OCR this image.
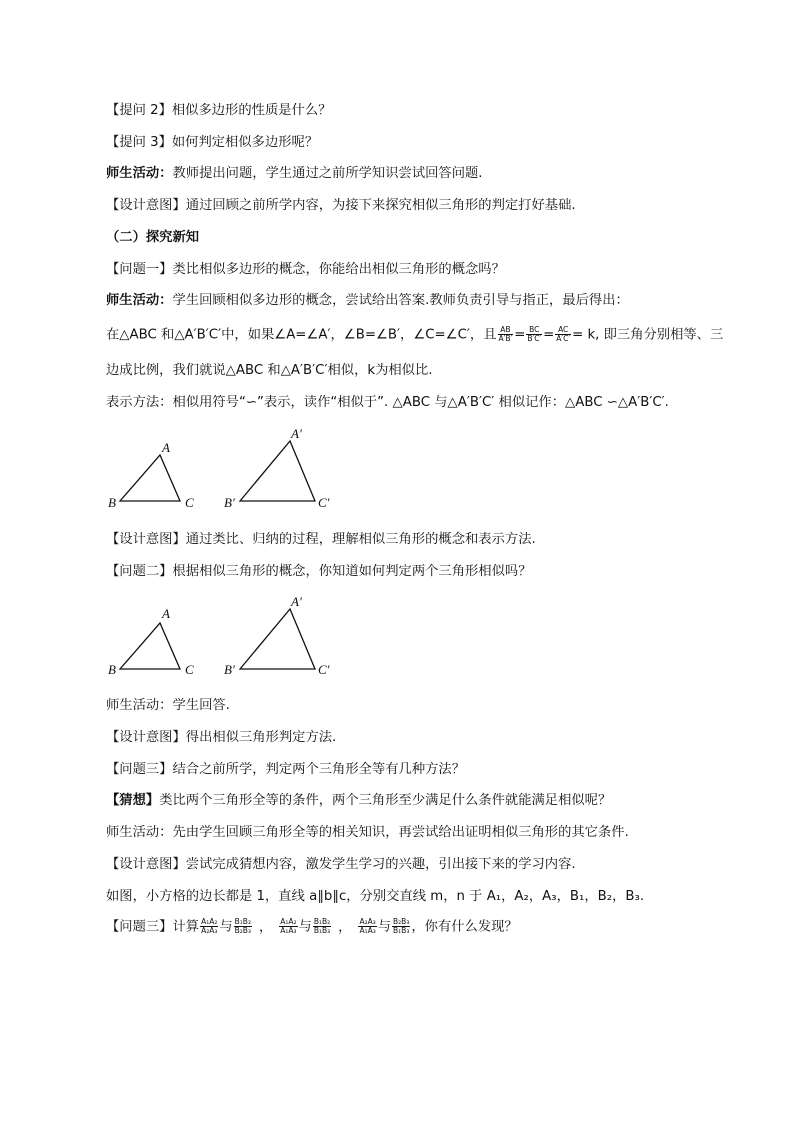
【提问 2】相似多边形的性质是什么？
【提问 3】如何判定相似多边形呢？
师生活动：教师提出问题，学生通过之前所学知识尝试回答问题.
【设计意图】通过回顾之前所学内容，为接下来探究相似三角形的判定打好基础.
（二）探究新知
【问题一】类比相似多边形的概念，你能给出相似三角形的概念吗？
师生活动：学生回顾相似多边形的概念，尝试给出答案.教师负责引导与指正，最后得出：
在△ABC 和△A′B′C′中，如果∠A=∠A′，∠B=∠B′，∠C=∠C′，且 $\frac{AB}{A'B'} = \frac{BC}{B'C'} = \frac{AC}{A'C'} = k$, 即三角分别相等、三
边成比例，我们就说△ABC 和△A′B′C′相似，k为相似比.
表示方法：相似用符号“∽”表示，读作“相似于”. △ABC 与△A′B′C′ 相似记作：△ABC ∽△A′B′C′.
A
B	C
A′
B′	C′
【设计意图】通过类比、归纳的过程，理解相似三角形的概念和表示方法.
【问题二】根据相似三角形的概念，你知道如何判定两个三角形相似吗？
A
B	C
A′
B′	C′
师生活动：学生回答.
【设计意图】得出相似三角形判定方法.
【问题三】结合之前所学，判定两个三角形全等有几种方法？
【猜想】类比两个三角形全等的条件，两个三角形至少满足什么条件就能满足相似呢？
师生活动：先由学生回顾三角形全等的相关知识，再尝试给出证明相似三角形的其它条件.
【设计意图】尝试完成猜想内容，激发学生学习的兴趣，引出接下来的学习内容.
如图，小方格的边长都是 1，直线 a∥b∥c，分别交直线 m，n 于 A₁，A₂，A₃，B₁，B₂，B₃.
【问题三】计算 $\frac{\text{A₁A₂}}{\text{A₂A₃}}$ 与 $\frac{\text{B₁B₂}}{\text{B₂B₃}}$ ， $\frac{\text{A₁A₂}}{\text{A₁A₃}}$ 与 $\frac{\text{B₁B₂}}{\text{B₁B₃}}$ ， $\frac{\text{A₂A₃}}{\text{A₁A₃}}$ 与 $\frac{\text{B₂B₃}}{\text{B₁B₃}}$ ，你有什么发现？
